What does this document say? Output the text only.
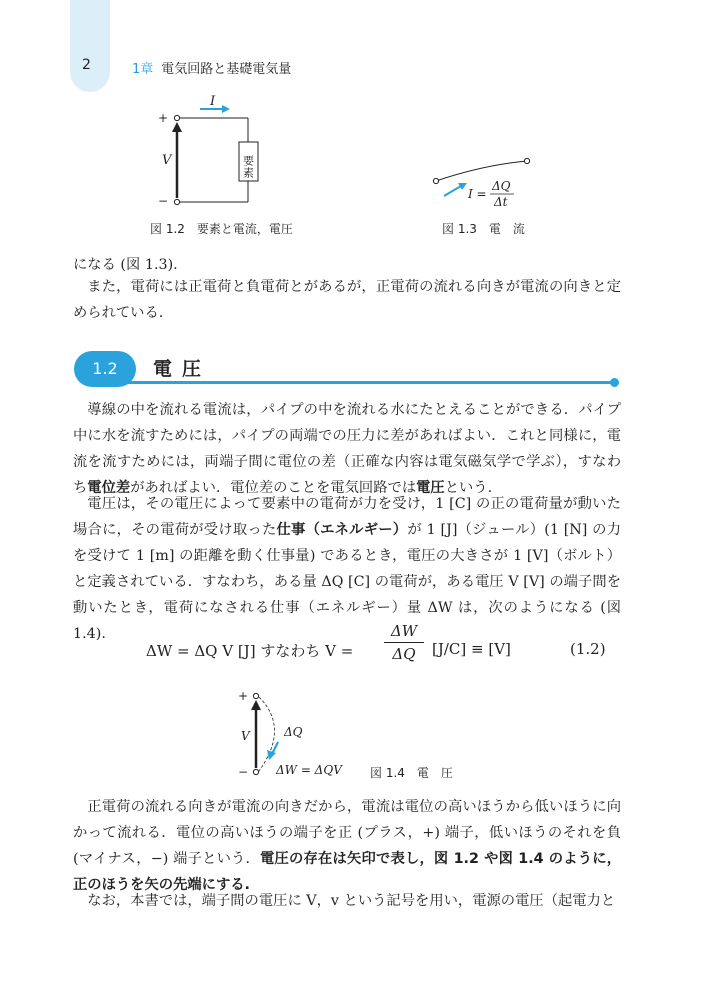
2	1章 電気回路と基礎電気量
I
+
要素
−
V
図 1.2　要素と電流，電圧
I =
ΔQ
Δt
図 1.3　電　流

になる (図 1.3).

また，電荷には正電荷と負電荷とがあるが，正電荷の流れる向きが電流の向きと定められている.

1.2	電圧

導線の中を流れる電流は，パイプの中を流れる水にたとえることができる．パイプ中に水を流すためには，パイプの両端での圧力に差があればよい．これと同様に，電流を流すためには，両端子間に電位の差（正確な内容は電気磁気学で学ぶ），すなわち電位差があればよい．電位差のことを電気回路では電圧という.

電圧は，その電圧によって要素中の電荷が力を受け，1 [C] の正の電荷量が動いた場合に，その電荷が受け取った仕事（エネルギー）が 1 [J]（ジュール）(1 [N] の力を受けて 1 [m] の距離を動く仕事量) であるとき，電圧の大きさが 1 [V]（ボルト）と定義されている．すなわち，ある量 ΔQ [C] の電荷が，ある電圧 V [V] の端子間を動いたとき，電荷になされる仕事（エネルギー）量 ΔW は，次のようになる (図 1.4).

ΔW = ΔQ V [J] すなわち $V = \frac{\Delta W}{\Delta Q} [J/C] \equiv [V]$	(1.2)
+
−
V	ΔQ
ΔW = ΔQV 図 1.4　電　圧

正電荷の流れる向きが電流の向きだから，電流は電位の高いほうから低いほうに向かって流れる．電位の高いほうの端子を正 (プラス，+) 端子，低いほうのそれを負 (マイナス，−) 端子という．電圧の存在は矢印で表し，図 1.2 や図 1.4 のように，正のほうを矢の先端にする.

なお，本書では，端子間の電圧に V，v という記号を用い，電源の電圧（起電力と
